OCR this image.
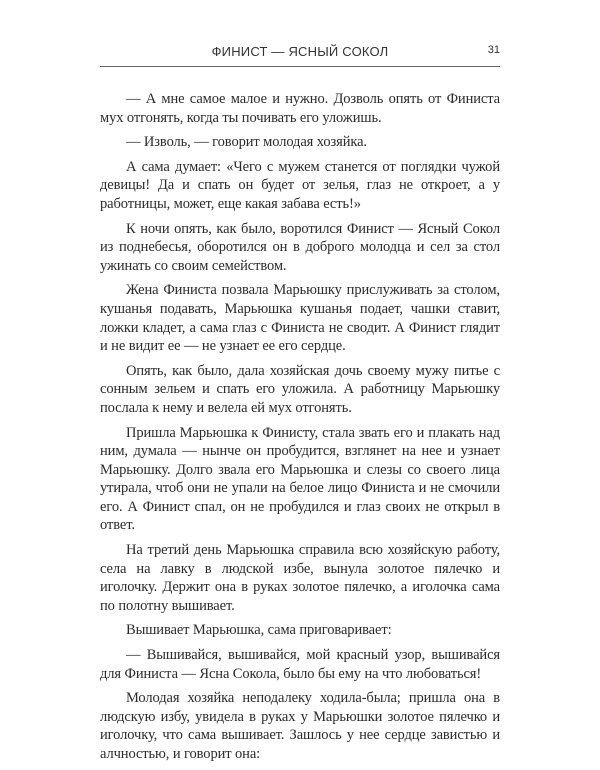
ФИНИСТ — ЯСНЫЙ СОКОЛ	31

— А мне самое малое и нужно. Дозволь опять от Финиста мух отгонять, когда ты почивать его уложишь.

— Изволь, — говорит молодая хозяйка.

А сама думает: «Чего с мужем станется от поглядки чужой девицы! Да и спать он будет от зелья, глаз не откроет, а у работницы, может, еще какая забава есть!»

К ночи опять, как было, воротился Финист — Ясный Сокол из поднебесья, оборотился он в доброго молодца и сел за стол ужинать со своим семейством.

Жена Финиста позвала Марьюшку прислуживать за столом, кушанья подавать, Марьюшка кушанья подает, чашки ставит, ложки кладет, а сама глаз с Финиста не сводит. А Финист глядит и не видит ее — не узнает ее его сердце.

Опять, как было, дала хозяйская дочь своему мужу питье с сонным зельем и спать его уложила. А работницу Марьюшку послала к нему и велела ей мух отгонять.

Пришла Марьюшка к Финисту, стала звать его и плакать над ним, думала — нынче он пробудится, взглянет на нее и узнает Марьюшку. Долго звала его Марьюшка и слезы со своего лица утирала, чтоб они не упали на белое лицо Финиста и не смочили его. А Финист спал, он не пробудился и глаз своих не открыл в ответ.

На третий день Марьюшка справила всю хозяйскую работу, села на лавку в людской избе, вынула золотое пялечко и иголочку. Держит она в руках золотое пялечко, а иголочка сама по полотну вышивает.

Вышивает Марьюшка, сама приговаривает:

— Вышивайся, вышивайся, мой красный узор, вышивайся для Финиста — Ясна Сокола, было бы ему на что любоваться!

Молодая хозяйка неподалеку ходила-была; пришла она в людскую избу, увидела в руках у Марьюшки золотое пялечко и иголочку, что сама вышивает. Зашлось у нее сердце завистью и алчностью, и говорит она:
